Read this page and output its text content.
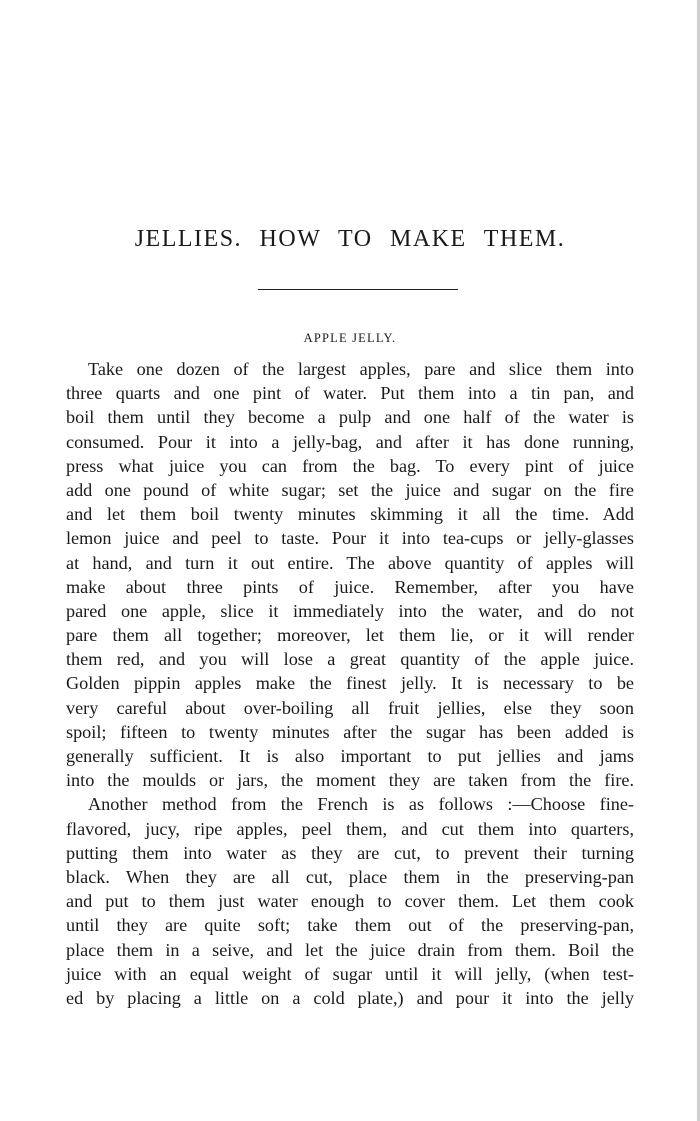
JELLIES. HOW TO MAKE THEM.
APPLE JELLY.
Take one dozen of the largest apples, pare and slice them into
three quarts and one pint of water. Put them into a tin pan, and
boil them until they become a pulp and one half of the water is
consumed. Pour it into a jelly-bag, and after it has done running,
press what juice you can from the bag. To every pint of juice
add one pound of white sugar; set the juice and sugar on the fire
and let them boil twenty minutes skimming it all the time. Add
lemon juice and peel to taste. Pour it into tea-cups or jelly-glasses
at hand, and turn it out entire. The above quantity of apples will
make about three pints of juice. Remember, after you have
pared one apple, slice it immediately into the water, and do not
pare them all together; moreover, let them lie, or it will render
them red, and you will lose a great quantity of the apple juice.
Golden pippin apples make the finest jelly. It is necessary to be
very careful about over-boiling all fruit jellies, else they soon
spoil; fifteen to twenty minutes after the sugar has been added is
generally sufficient. It is also important to put jellies and jams
into the moulds or jars, the moment they are taken from the fire.
Another method from the French is as follows :—Choose fine-
flavored, jucy, ripe apples, peel them, and cut them into quarters,
putting them into water as they are cut, to prevent their turning
black. When they are all cut, place them in the preserving-pan
and put to them just water enough to cover them. Let them cook
until they are quite soft; take them out of the preserving-pan,
place them in a seive, and let the juice drain from them. Boil the
juice with an equal weight of sugar until it will jelly, (when test-
ed by placing a little on a cold plate,) and pour it into the jelly
